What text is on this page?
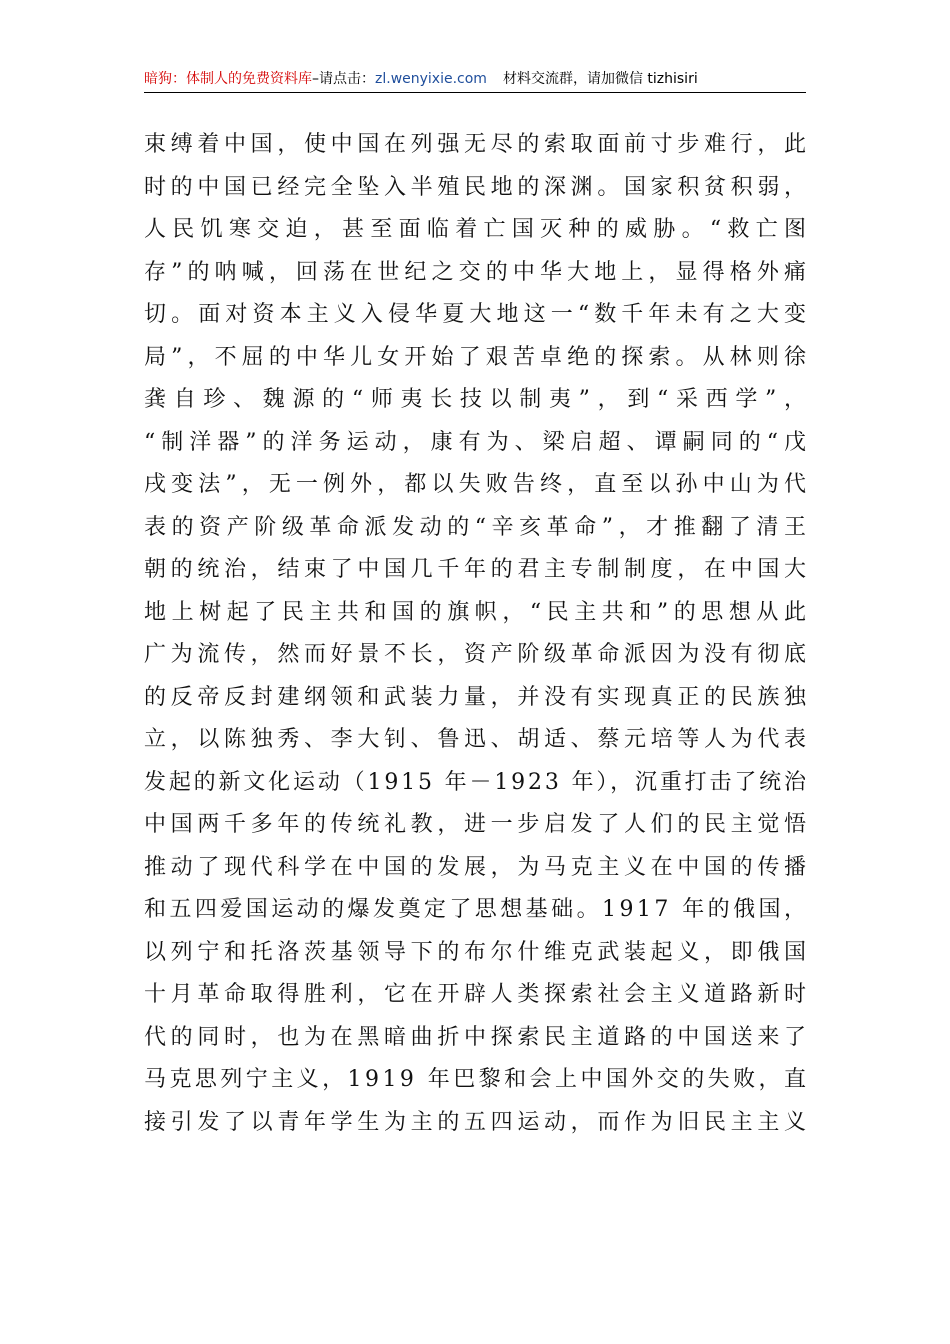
暗狗：体制人的免费资料库–请点击：zl.wenyixie.com 材料交流群，请加微信 tizhisiri
束缚着中国，使中国在列强无尽的索取面前寸步难行，此
时的中国已经完全坠入半殖民地的深渊。国家积贫积弱，
人民饥寒交迫，甚至面临着亡国灭种的威胁。“救亡图
存”的呐喊，回荡在世纪之交的中华大地上，显得格外痛
切。面对资本主义入侵华夏大地这一“数千年未有之大变
局”，不屈的中华儿女开始了艰苦卓绝的探索。从林则徐
龚自珍、魏源的“师夷长技以制夷”，到“采西学”，
“制洋器”的洋务运动，康有为、梁启超、谭嗣同的“戊
戌变法”，无一例外，都以失败告终，直至以孙中山为代
表的资产阶级革命派发动的“辛亥革命”，才推翻了清王
朝的统治，结束了中国几千年的君主专制制度，在中国大
地上树起了民主共和国的旗帜，“民主共和”的思想从此
广为流传，然而好景不长，资产阶级革命派因为没有彻底
的反帝反封建纲领和武装力量，并没有实现真正的民族独
立，以陈独秀、李大钊、鲁迅、胡适、蔡元培等人为代表
发起的新文化运动（1915 年－1923 年），沉重打击了统治
中国两千多年的传统礼教，进一步启发了人们的民主觉悟
推动了现代科学在中国的发展，为马克主义在中国的传播
和五四爱国运动的爆发奠定了思想基础。1917 年的俄国，
以列宁和托洛茨基领导下的布尔什维克武装起义，即俄国
十月革命取得胜利，它在开辟人类探索社会主义道路新时
代的同时，也为在黑暗曲折中探索民主道路的中国送来了
马克思列宁主义，1919 年巴黎和会上中国外交的失败，直
接引发了以青年学生为主的五四运动，而作为旧民主主义
